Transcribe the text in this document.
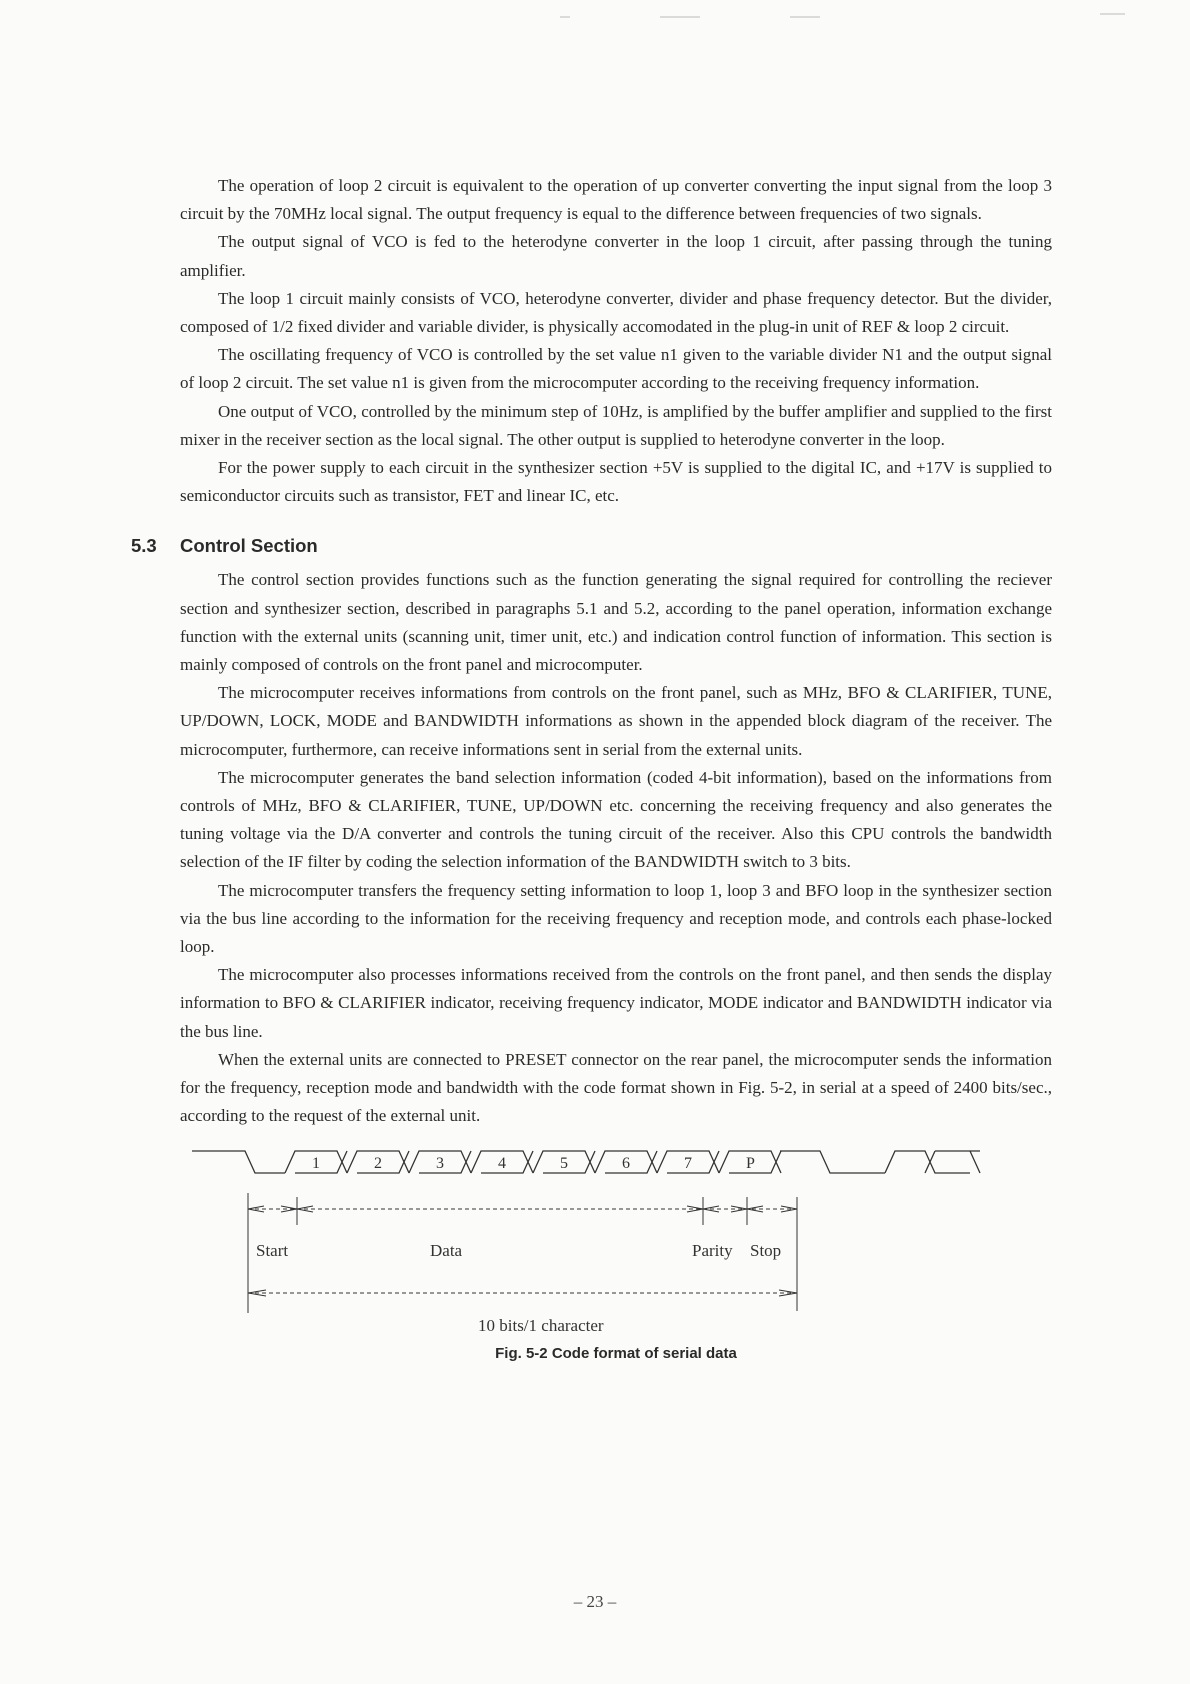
The operation of loop 2 circuit is equivalent to the operation of up converter converting the input signal from the loop 3 circuit by the 70MHz local signal. The output frequency is equal to the difference between frequencies of two signals.

The output signal of VCO is fed to the heterodyne converter in the loop 1 circuit, after passing through the tuning amplifier.

The loop 1 circuit mainly consists of VCO, heterodyne converter, divider and phase frequency detector. But the divider, composed of 1/2 fixed divider and variable divider, is physically accomodated in the plug-in unit of REF & loop 2 circuit.

The oscillating frequency of VCO is controlled by the set value n1 given to the variable divider N1 and the output signal of loop 2 circuit. The set value n1 is given from the microcomputer according to the receiving frequency information.

One output of VCO, controlled by the minimum step of 10Hz, is amplified by the buffer amplifier and supplied to the first mixer in the receiver section as the local signal. The other output is supplied to heterodyne converter in the loop.

For the power supply to each circuit in the synthesizer section +5V is supplied to the digital IC, and +17V is supplied to semiconductor circuits such as transistor, FET and linear IC, etc.

5.3 Control Section

The control section provides functions such as the function generating the signal required for controlling the reciever section and synthesizer section, described in paragraphs 5.1 and 5.2, according to the panel operation, information exchange function with the external units (scanning unit, timer unit, etc.) and indication control function of information. This section is mainly composed of controls on the front panel and microcomputer.

The microcomputer receives informations from controls on the front panel, such as MHz, BFO & CLARIFIER, TUNE, UP/DOWN, LOCK, MODE and BANDWIDTH informations as shown in the appended block diagram of the receiver. The microcomputer, furthermore, can receive informations sent in serial from the external units.

The microcomputer generates the band selection information (coded 4-bit information), based on the informations from controls of MHz, BFO & CLARIFIER, TUNE, UP/DOWN etc. concerning the receiving frequency and also generates the tuning voltage via the D/A converter and controls the tuning circuit of the receiver. Also this CPU controls the bandwidth selection of the IF filter by coding the selection information of the BANDWIDTH switch to 3 bits.

The microcomputer transfers the frequency setting information to loop 1, loop 3 and BFO loop in the synthesizer section via the bus line according to the information for the receiving frequency and reception mode, and controls each phase-locked loop.

The microcomputer also processes informations received from the controls on the front panel, and then sends the display information to BFO & CLARIFIER indicator, receiving frequency indicator, MODE indicator and BANDWIDTH indicator via the bus line.

When the external units are connected to PRESET connector on the rear panel, the microcomputer sends the information for the frequency, reception mode and bandwidth with the code format shown in Fig. 5-2, in serial at a speed of 2400 bits/sec., according to the request of the external unit.

1	2	3	4	5	6	7	P
Start	Data	Parity Stop
10 bits/1 character
Fig. 5-2 Code format of serial data
– 23 –
